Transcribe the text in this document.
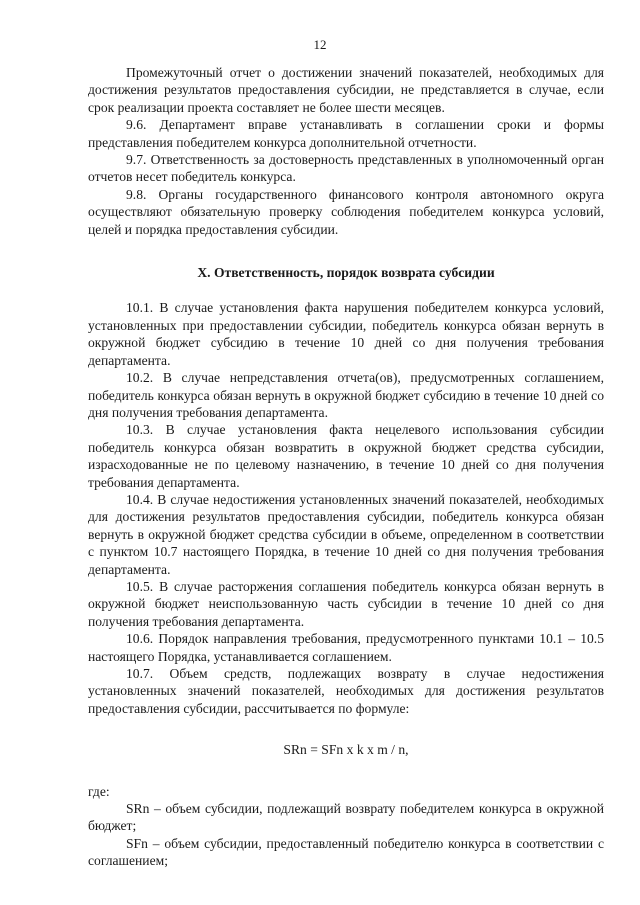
12

Промежуточный отчет о достижении значений показателей, необходимых для достижения результатов предоставления субсидии, не представляется в случае, если срок реализации проекта составляет не более шести месяцев.

9.6. Департамент вправе устанавливать в соглашении сроки и формы представления победителем конкурса дополнительной отчетности.

9.7. Ответственность за достоверность представленных в уполномоченный орган отчетов несет победитель конкурса.

9.8. Органы государственного финансового контроля автономного округа осуществляют обязательную проверку соблюдения победителем конкурса условий, целей и порядка предоставления субсидии.

X. Ответственность, порядок возврата субсидии

10.1. В случае установления факта нарушения победителем конкурса условий, установленных при предоставлении субсидии, победитель конкурса обязан вернуть в окружной бюджет субсидию в течение 10 дней со дня получения требования департамента.

10.2. В случае непредставления отчета(ов), предусмотренных соглашением, победитель конкурса обязан вернуть в окружной бюджет субсидию в течение 10 дней со дня получения требования департамента.

10.3. В случае установления факта нецелевого использования субсидии победитель конкурса обязан возвратить в окружной бюджет средства субсидии, израсходованные не по целевому назначению, в течение 10 дней со дня получения требования департамента.

10.4. В случае недостижения установленных значений показателей, необходимых для достижения результатов предоставления субсидии, победитель конкурса обязан вернуть в окружной бюджет средства субсидии в объеме, определенном в соответствии с пунктом 10.7 настоящего Порядка, в течение 10 дней со дня получения требования департамента.

10.5. В случае расторжения соглашения победитель конкурса обязан вернуть в окружной бюджет неиспользованную часть субсидии в течение 10 дней со дня получения требования департамента.

10.6. Порядок направления требования, предусмотренного пунктами 10.1 – 10.5 настоящего Порядка, устанавливается соглашением.

10.7. Объем средств, подлежащих возврату в случае недостижения установленных значений показателей, необходимых для достижения результатов предоставления субсидии, рассчитывается по формуле:

SRn = SFn x k x m / n,

где:

SRn – объем субсидии, подлежащий возврату победителем конкурса в окружной бюджет;

SFn – объем субсидии, предоставленный победителю конкурса в соответствии с соглашением;
